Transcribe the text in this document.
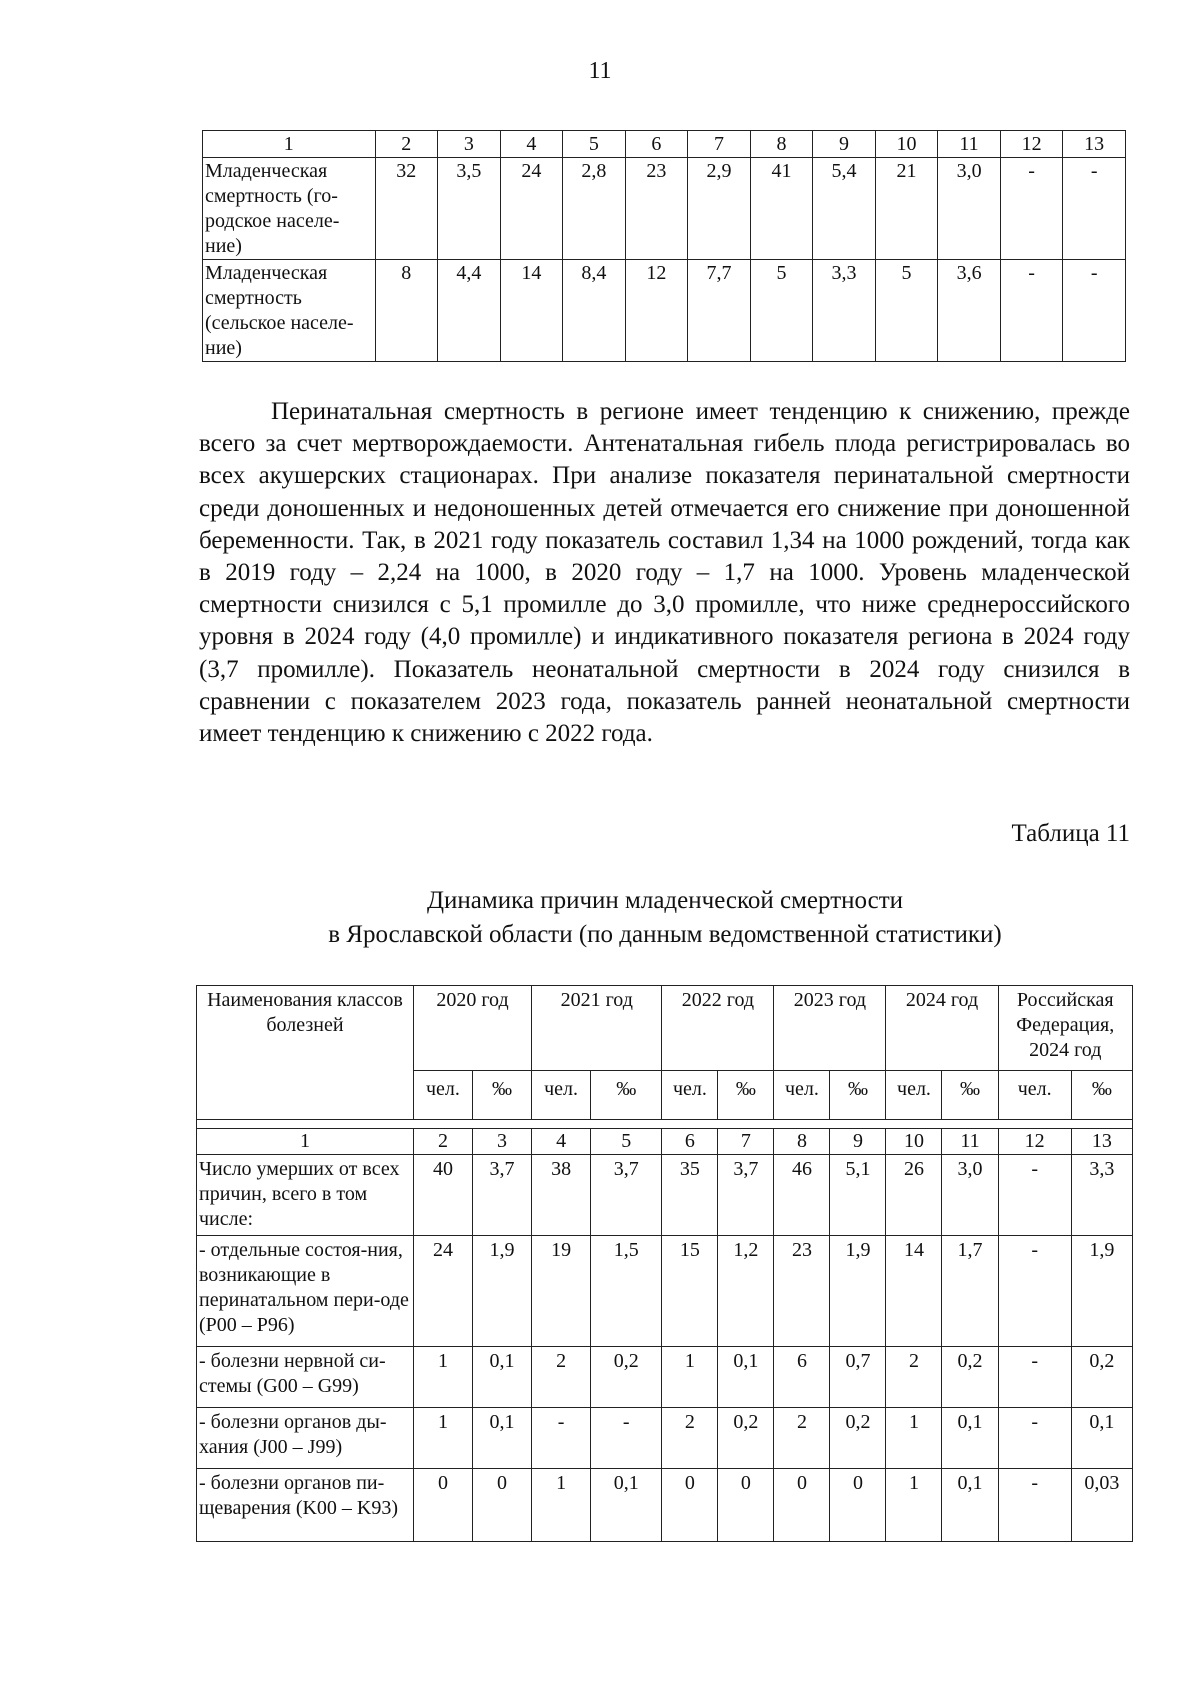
11
1	2	3	4	5	6	7	8	9	10	11	12	13
Младенческая смертность (го-родское населе-ние)	32	3,5	24	2,8	23	2,9	41	5,4	21	3,0	-	-
Младенческая смертность (сельское населе-ние)	8	4,4	14	8,4	12	7,7	5	3,3	5	3,6	-	-

Перинатальная смертность в регионе имеет тенденцию к снижению, прежде всего за счет мертворождаемости. Антенатальная гибель плода регистрировалась во всех акушерских стационарах. При анализе показателя перинатальной смертности среди доношенных и недоношенных детей отмечается его снижение при доношенной беременности. Так, в 2021 году показатель составил 1,34 на 1000 рождений, тогда как в 2019 году – 2,24 на 1000, в 2020 году – 1,7 на 1000. Уровень младенческой смертности снизился с 5,1 промилле до 3,0 промилле, что ниже среднероссийского уровня в 2024 году (4,0 промилле) и индикативного показателя региона в 2024 году (3,7 промилле). Показатель неонатальной смертности в 2024 году снизился в сравнении с показателем 2023 года, показатель ранней неонатальной смертности имеет тенденцию к снижению с 2022 года.

Таблица 11
Динамика причин младенческой смертности
в Ярославской области (по данным ведомственной статистики)
Наименования классов болезней	2020 год		2021 год		2022 год		2023 год		2024 год		Российская Федерация, 2024 год	
	чел.	‰	чел.	‰	чел.	‰	чел.	‰	чел.	‰	чел.	‰

1	2	3	4	5	6	7	8	9	10	11	12	13
Число умерших от всех причин, всего в том числе:	40	3,7	38	3,7	35	3,7	46	5,1	26	3,0	-	3,3
- отдельные состоя-ния, возникающие в перинатальном пери-оде (P00 – P96)	24	1,9	19	1,5	15	1,2	23	1,9	14	1,7	-	1,9
- болезни нервной си-стемы (G00 – G99)	1	0,1	2	0,2	1	0,1	6	0,7	2	0,2	-	0,2
- болезни органов ды-хания (J00 – J99)	1	0,1	-	-	2	0,2	2	0,2	1	0,1	-	0,1
- болезни органов пи-щеварения (K00 – K93)	0	0	1	0,1	0	0	0	0	1	0,1	-	0,03
